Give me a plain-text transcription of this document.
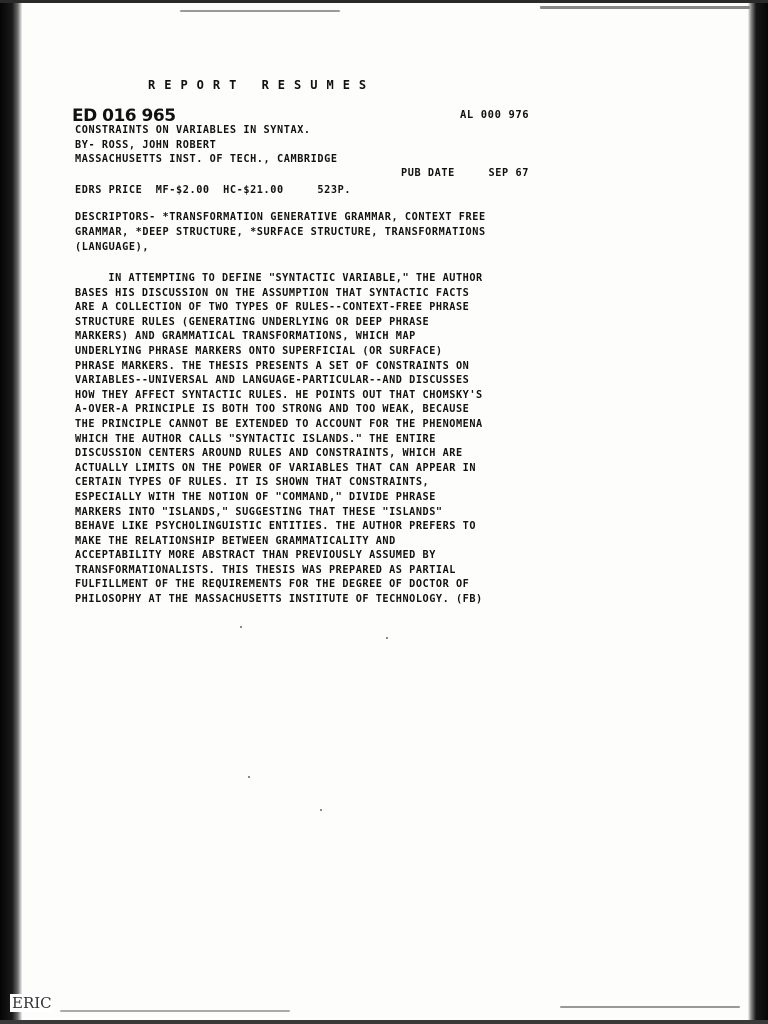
REPORT RESUMES
ED 016 965	AL 000 976
CONSTRAINTS ON VARIABLES IN SYNTAX.
BY- ROSS, JOHN ROBERT
MASSACHUSETTS INST. OF TECH., CAMBRIDGE
PUB DATE	SEP 67
EDRS PRICE  MF-$2.00  HC-$21.00	523P.
DESCRIPTORS- *TRANSFORMATION GENERATIVE GRAMMAR, CONTEXT FREE
GRAMMAR, *DEEP STRUCTURE, *SURFACE STRUCTURE, TRANSFORMATIONS
(LANGUAGE),
IN ATTEMPTING TO DEFINE "SYNTACTIC VARIABLE," THE AUTHOR
BASES HIS DISCUSSION ON THE ASSUMPTION THAT SYNTACTIC FACTS
ARE A COLLECTION OF TWO TYPES OF RULES--CONTEXT-FREE PHRASE
STRUCTURE RULES (GENERATING UNDERLYING OR DEEP PHRASE
MARKERS) AND GRAMMATICAL TRANSFORMATIONS, WHICH MAP
UNDERLYING PHRASE MARKERS ONTO SUPERFICIAL (OR SURFACE)
PHRASE MARKERS. THE THESIS PRESENTS A SET OF CONSTRAINTS ON
VARIABLES--UNIVERSAL AND LANGUAGE-PARTICULAR--AND DISCUSSES
HOW THEY AFFECT SYNTACTIC RULES. HE POINTS OUT THAT CHOMSKY'S
A-OVER-A PRINCIPLE IS BOTH TOO STRONG AND TOO WEAK, BECAUSE
THE PRINCIPLE CANNOT BE EXTENDED TO ACCOUNT FOR THE PHENOMENA
WHICH THE AUTHOR CALLS "SYNTACTIC ISLANDS." THE ENTIRE
DISCUSSION CENTERS AROUND RULES AND CONSTRAINTS, WHICH ARE
ACTUALLY LIMITS ON THE POWER OF VARIABLES THAT CAN APPEAR IN
CERTAIN TYPES OF RULES. IT IS SHOWN THAT CONSTRAINTS,
ESPECIALLY WITH THE NOTION OF "COMMAND," DIVIDE PHRASE
MARKERS INTO "ISLANDS," SUGGESTING THAT THESE "ISLANDS"
BEHAVE LIKE PSYCHOLINGUISTIC ENTITIES. THE AUTHOR PREFERS TO
MAKE THE RELATIONSHIP BETWEEN GRAMMATICALITY AND
ACCEPTABILITY MORE ABSTRACT THAN PREVIOUSLY ASSUMED BY
TRANSFORMATIONALISTS. THIS THESIS WAS PREPARED AS PARTIAL
FULFILLMENT OF THE REQUIREMENTS FOR THE DEGREE OF DOCTOR OF
PHILOSOPHY AT THE MASSACHUSETTS INSTITUTE OF TECHNOLOGY. (FB)
ERIC
